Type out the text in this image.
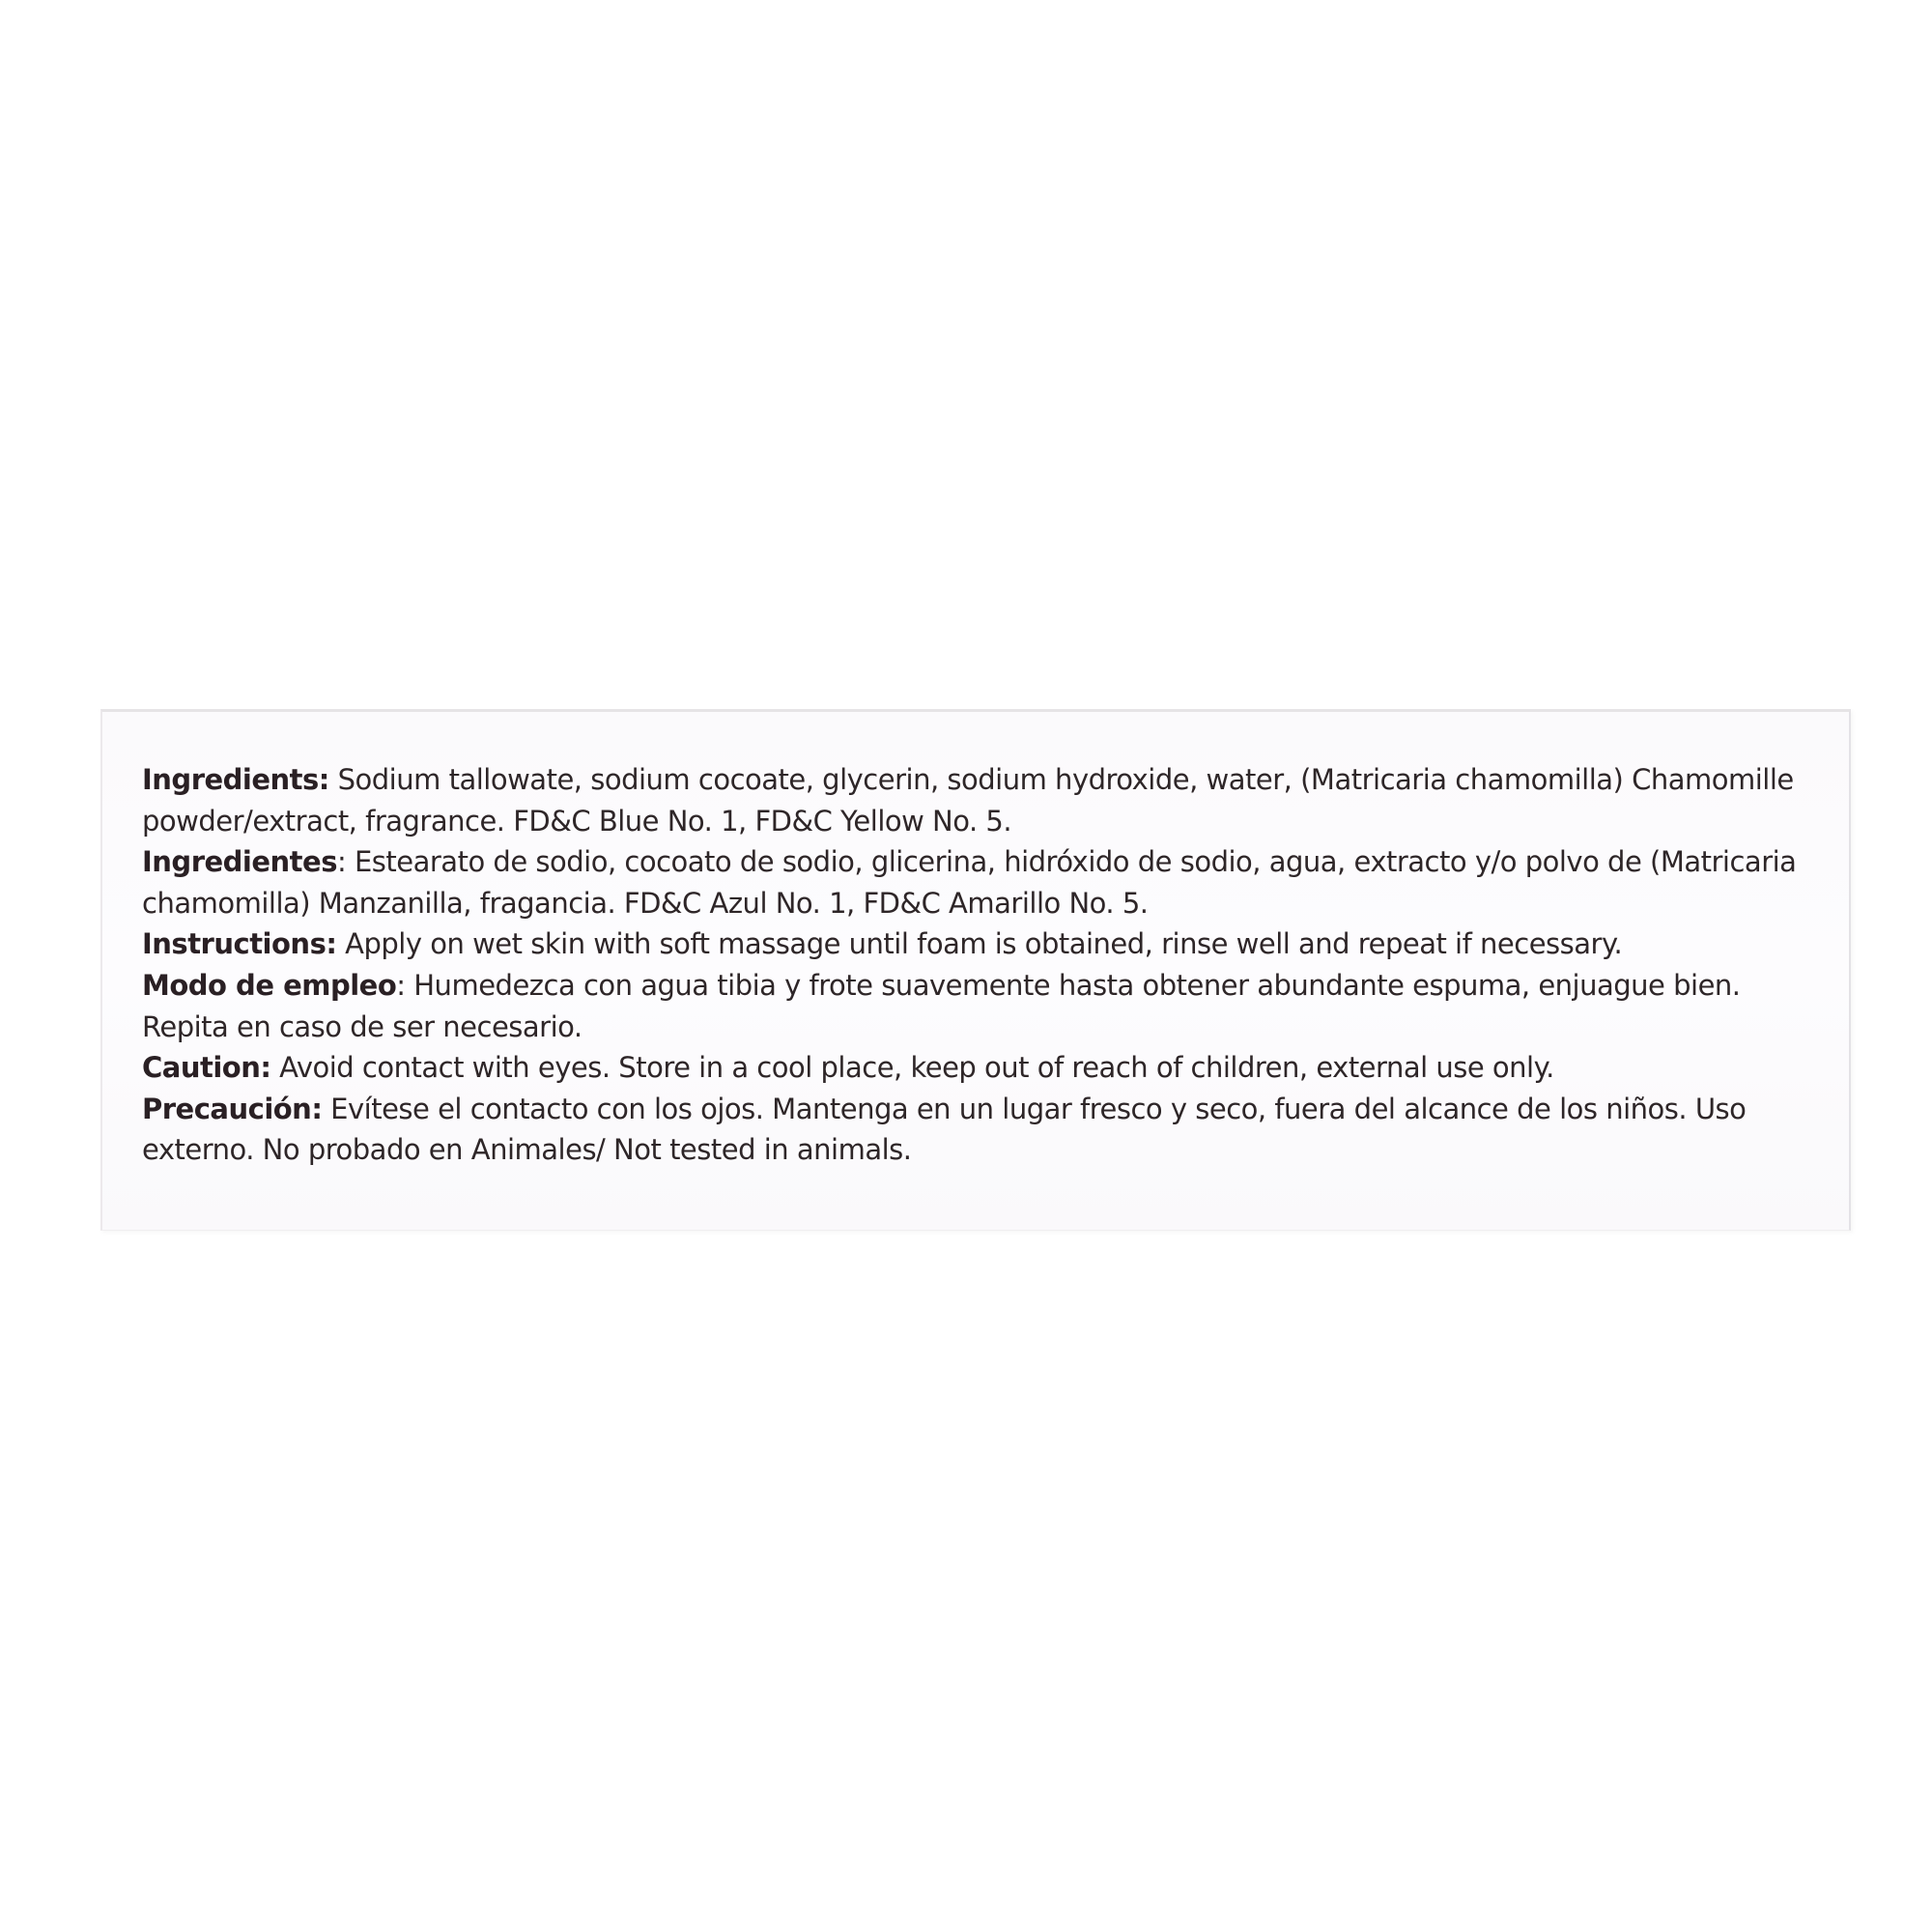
Ingredients: Sodium tallowate, sodium cocoate, glycerin, sodium hydroxide, water, (Matricaria chamomilla) Chamomille powder/extract, fragrance. FD&C Blue No. 1, FD&C Yellow No. 5.

Ingredientes: Estearato de sodio, cocoato de sodio, glicerina, hidróxido de sodio, agua, extracto y/o polvo de (Matricaria chamomilla) Manzanilla, fragancia. FD&C Azul No. 1, FD&C Amarillo No. 5.

Instructions: Apply on wet skin with soft massage until foam is obtained, rinse well and repeat if necessary.

Modo de empleo: Humedezca con agua tibia y frote suavemente hasta obtener abundante espuma, enjuague bien. Repita en caso de ser necesario.

Caution: Avoid contact with eyes. Store in a cool place, keep out of reach of children, external use only.

Precaución: Evítese el contacto con los ojos. Mantenga en un lugar fresco y seco, fuera del alcance de los niños. Uso externo. No probado en Animales/ Not tested in animals.
